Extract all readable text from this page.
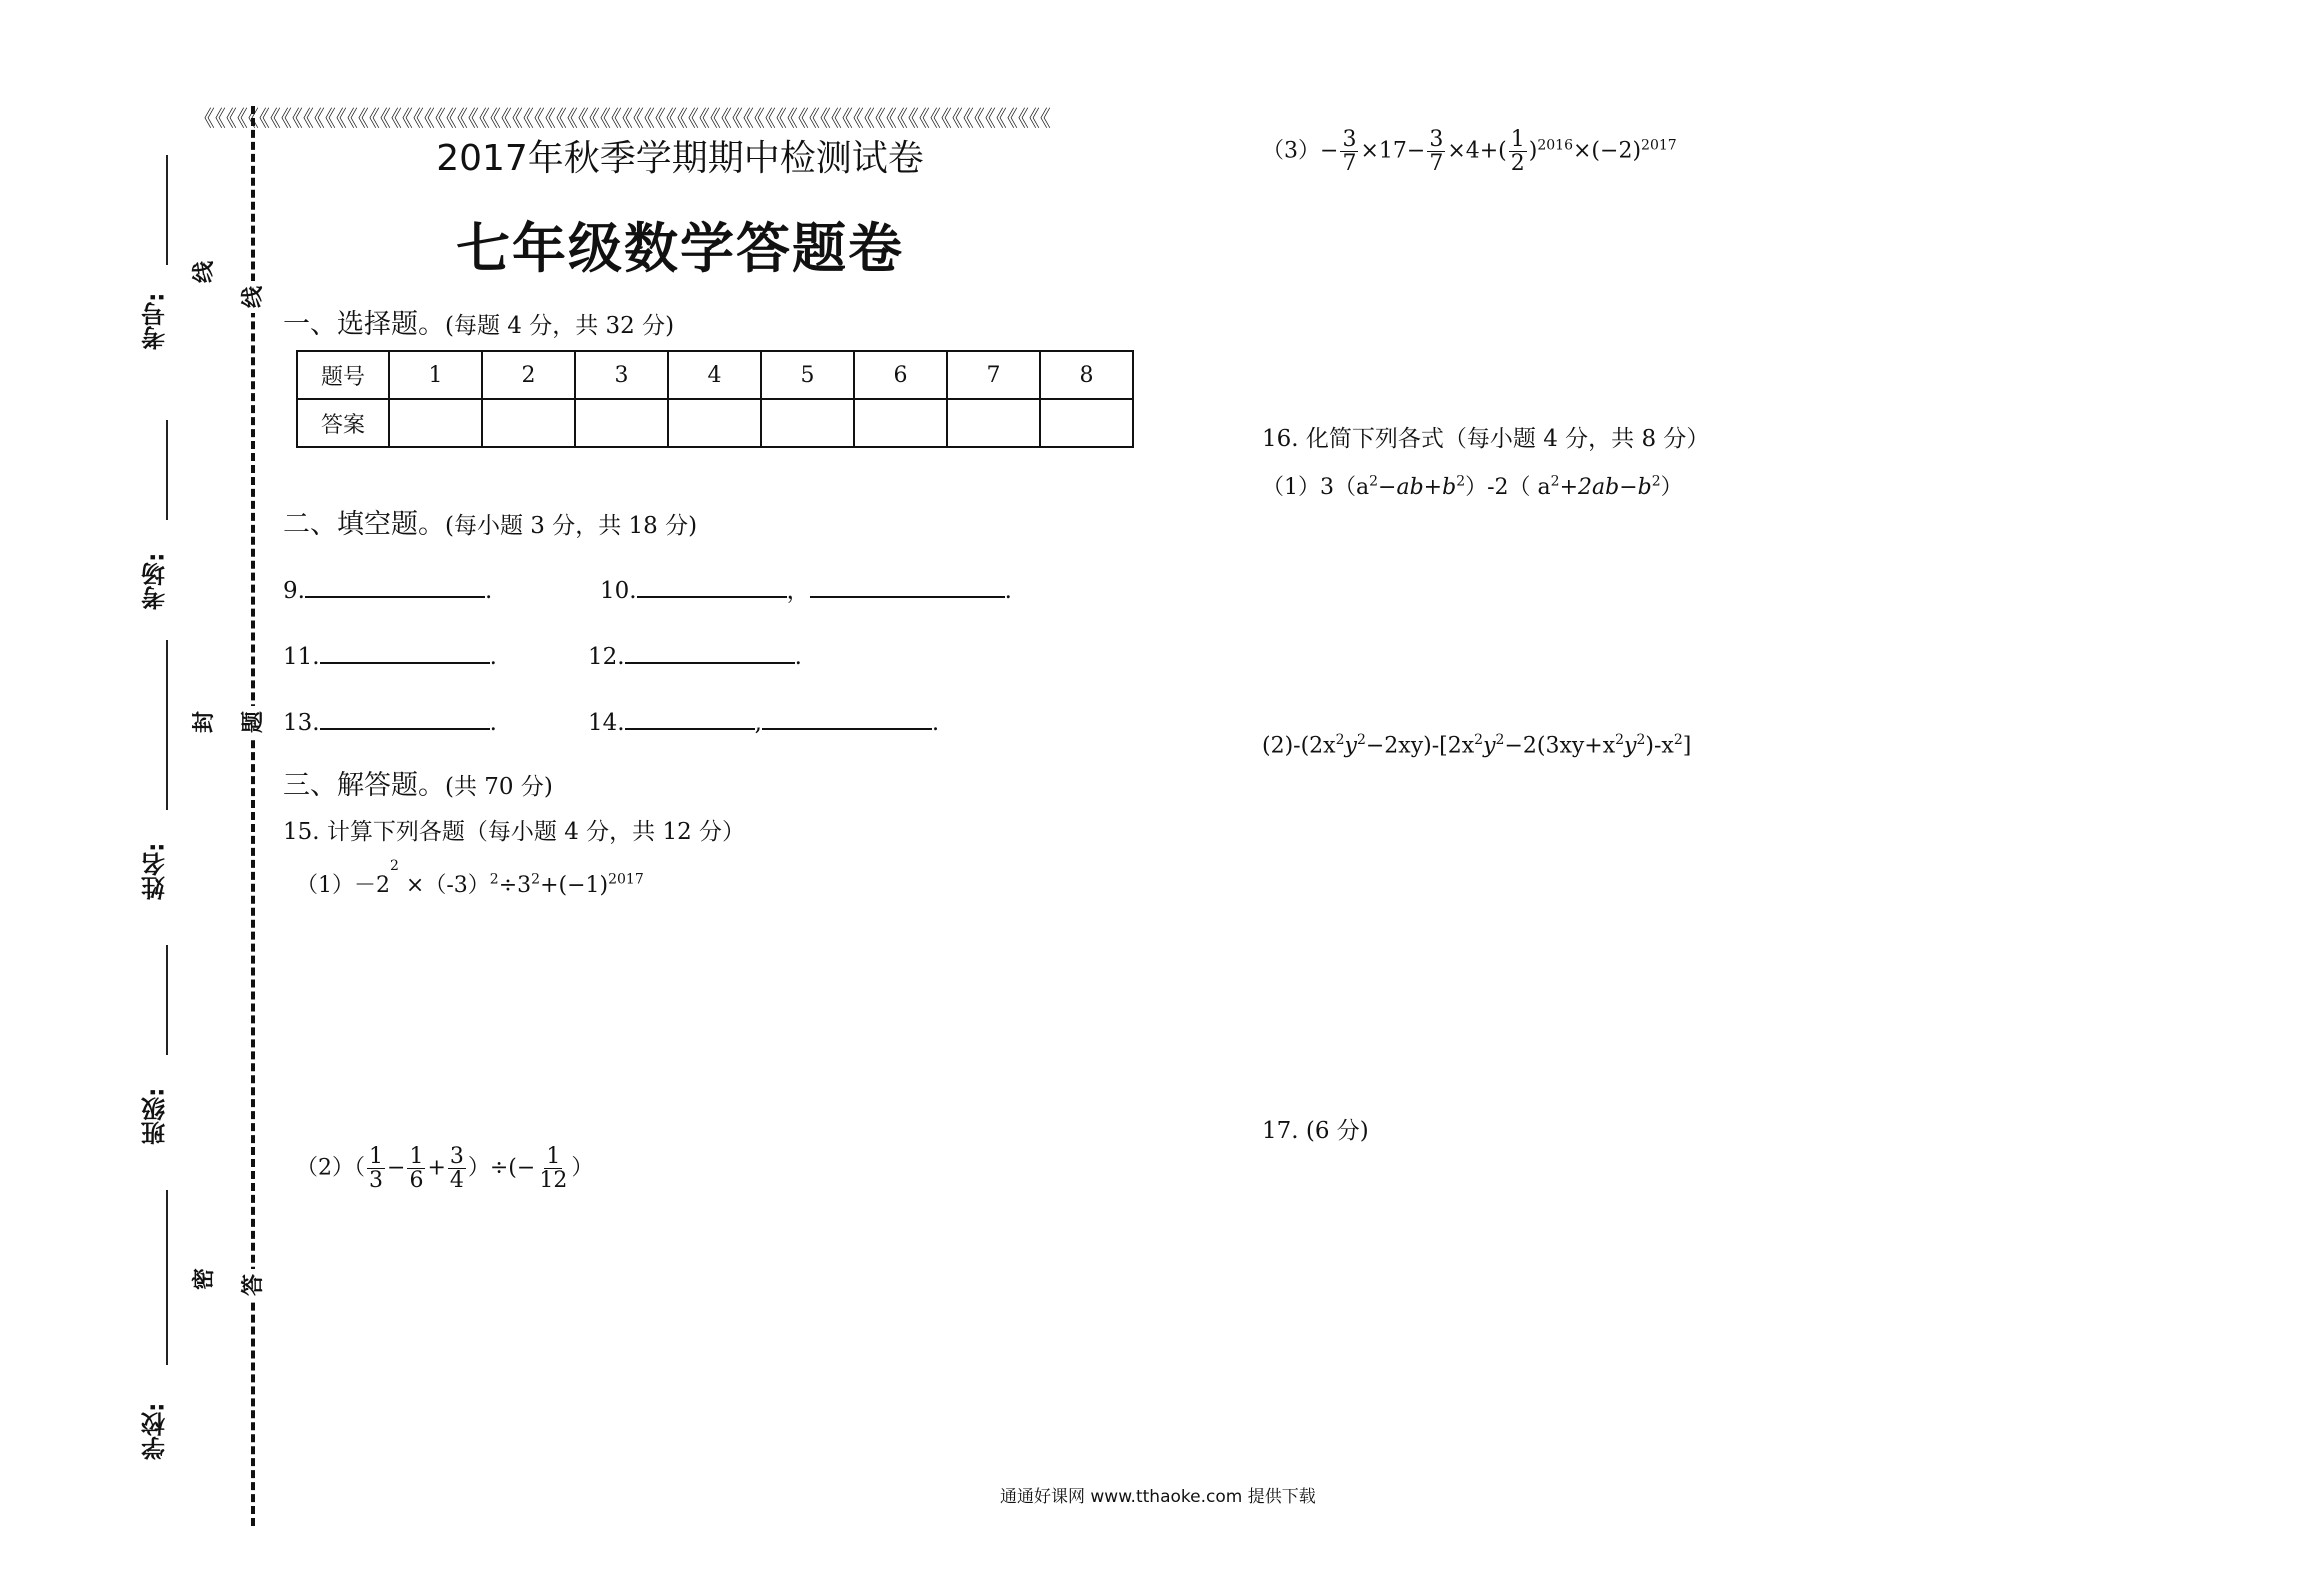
考号:
考场:
姓名:
班级:
学校:
《《《《《《《《《《《《《《《《《《《《《《《《《《《《《《《《《《《《《《《《《《《《《《《《《《《《《《《《《《《《《《《《《《《《《《《《《《《《《
线
封
密
线
题
答
2017年秋季学期期中检测试卷
七年级数学答题卷
一、选择题。(每题 4 分，共 32 分)
题号	1	2	3	4	5	6	7	8
答案								
二、填空题。(每小题 3 分，共 18 分)
9.	.	10.	，	.
11.	.	12.	.
13.	.	14.	,	.
三、解答题。(共 70 分)
15. 计算下列各题（每小题 4 分，共 12 分）
$(1)-2^2 \times(-3)^2\div 3^2+(-1)^{2017}$
$(2)( \frac{1}{3} - \frac{1}{6} + \frac{3}{4}$ ）÷(− $\frac{1}{12}$ ）
$(3)- \frac{3}{7} \times 17- \frac{3}{7} \times 4+( \frac{1}{2} )^{2016}\times(-2)^{2017}$
16. 化简下列各式（每小题 4 分，共 8 分）
$(1)3(a^2-ab+b^2)-2$（ $a^2+2ab-b^2$）
$(2)-(2x^2y^2-2xy)-[2x^2y^2-2(3xy+x^2y^2)-x^2]$
17. (6 分)
通通好课网 www.tthaoke.com 提供下载
